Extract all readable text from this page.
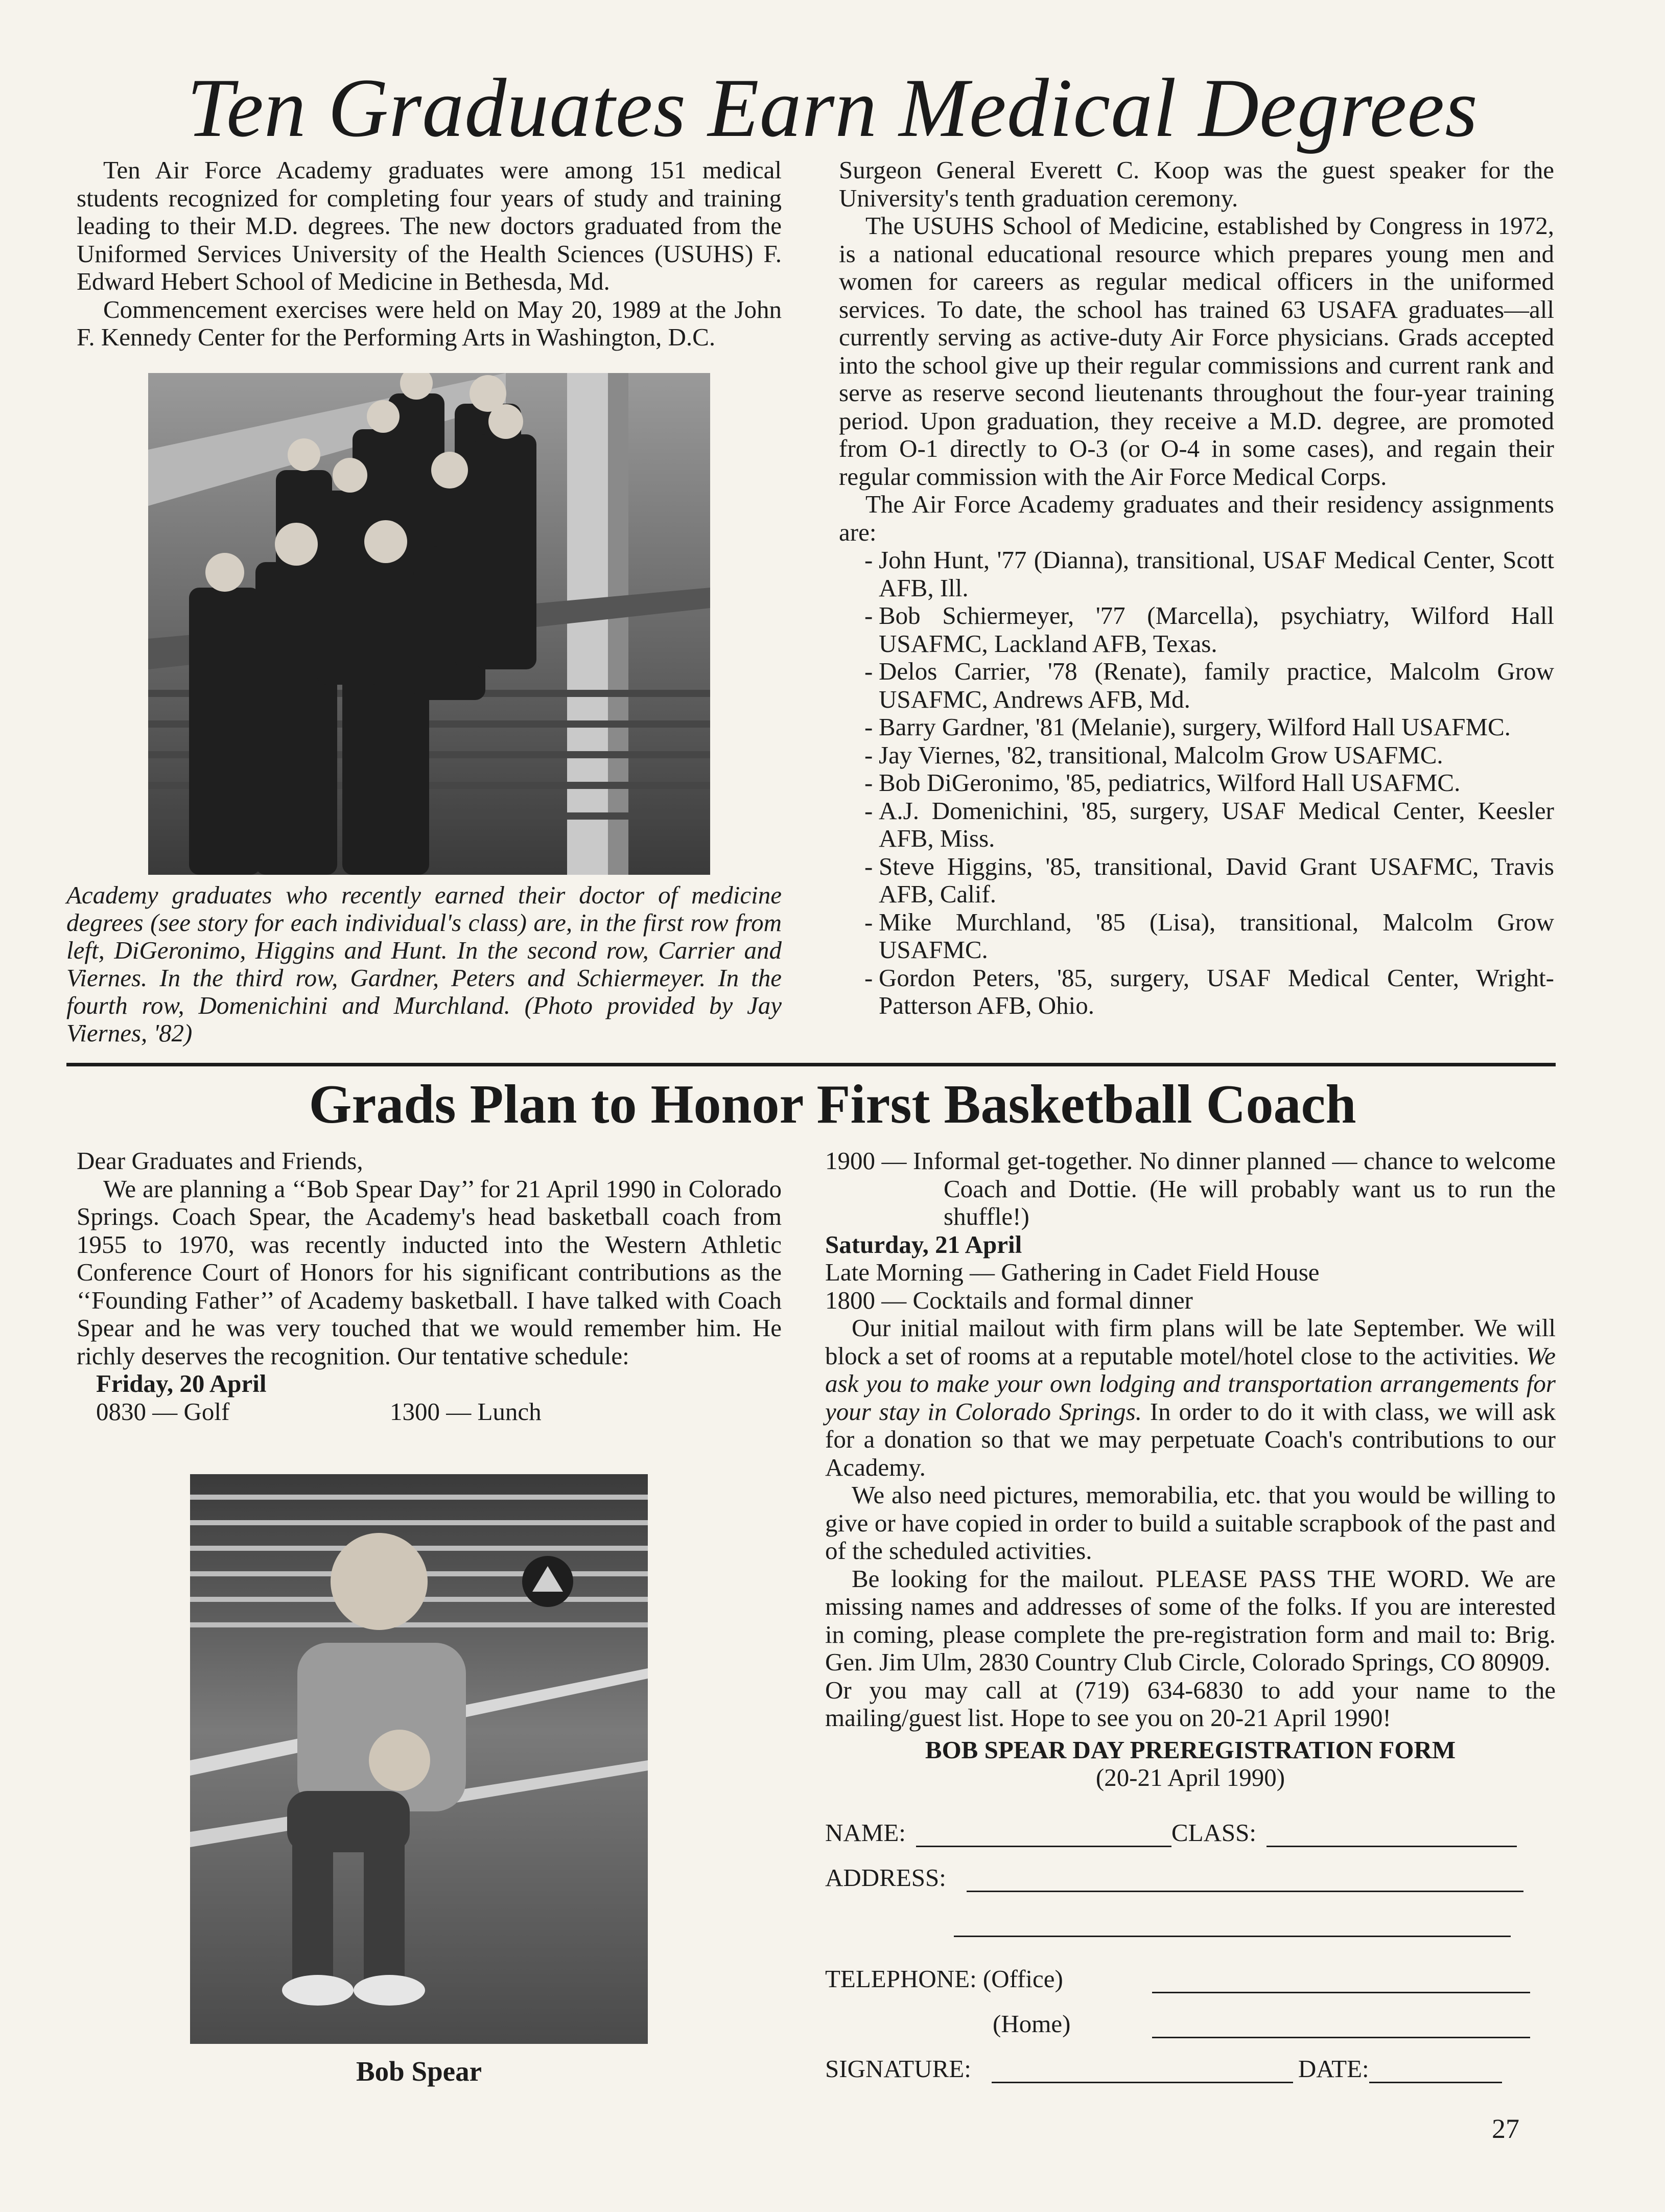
Ten Graduates Earn Medical Degrees

Ten Air Force Academy graduates were among 151 medical students recognized for completing four years of study and training leading to their M.D. degrees. The new doctors graduated from the Uniformed Services University of the Health Sciences (USUHS) F. Edward Hebert School of Medicine in Bethesda, Md.

Commencement exercises were held on May 20, 1989 at the John F. Kennedy Center for the Performing Arts in Washington, D.C.

Academy graduates who recently earned their doctor of medicine degrees (see story for each individual's class) are, in the first row from left, DiGeronimo, Higgins and Hunt. In the second row, Carrier and Viernes. In the third row, Gardner, Peters and Schiermeyer. In the fourth row, Domenichini and Murchland. (Photo provided by Jay Viernes, '82)

Surgeon General Everett C. Koop was the guest speaker for the University's tenth graduation ceremony.

The USUHS School of Medicine, established by Congress in 1972, is a national educational resource which prepares young men and women for careers as regular medical officers in the uniformed services. To date, the school has trained 63 USAFA graduates—all currently serving as active-duty Air Force physicians. Grads accepted into the school give up their regular commissions and current rank and serve as reserve second lieutenants throughout the four-year training period. Upon graduation, they receive a M.D. degree, are promoted from O-1 directly to O-3 (or O-4 in some cases), and regain their regular commission with the Air Force Medical Corps.

The Air Force Academy graduates and their residency assignments are:

- John Hunt, '77 (Dianna), transitional, USAF Medical Center, Scott AFB, Ill.
- Bob Schiermeyer, '77 (Marcella), psychiatry, Wilford Hall USAFMC, Lackland AFB, Texas.
- Delos Carrier, '78 (Renate), family practice, Malcolm Grow USAFMC, Andrews AFB, Md.
- Barry Gardner, '81 (Melanie), surgery, Wilford Hall USAFMC.
- Jay Viernes, '82, transitional, Malcolm Grow USAFMC.
- Bob DiGeronimo, '85, pediatrics, Wilford Hall USAFMC.
- A.J. Domenichini, '85, surgery, USAF Medical Center, Keesler AFB, Miss.
- Steve Higgins, '85, transitional, David Grant USAFMC, Travis AFB, Calif.
- Mike Murchland, '85 (Lisa), transitional, Malcolm Grow USAFMC.
- Gordon Peters, '85, surgery, USAF Medical Center, Wright-Patterson AFB, Ohio.
Grads Plan to Honor First Basketball Coach

Dear Graduates and Friends,

We are planning a ‘‘Bob Spear Day’’ for 21 April 1990 in Colorado Springs. Coach Spear, the Academy's head basketball coach from 1955 to 1970, was recently inducted into the Western Athletic Conference Court of Honors for his significant contributions as the ‘‘Founding Father’’ of Academy basketball. I have talked with Coach Spear and he was very touched that we would remember him. He richly deserves the recognition. Our tentative schedule:

Friday, 20 April

0830 — Golf	1300 — Lunch
Bob Spear

1900 — Informal get-together. No dinner planned — chance to welcome Coach and Dottie. (He will probably want us to run the shuffle!)

Saturday, 21 April

Late Morning — Gathering in Cadet Field House

1800 — Cocktails and formal dinner

Our initial mailout with firm plans will be late September. We will block a set of rooms at a reputable motel/hotel close to the activities. We ask you to make your own lodging and transportation arrangements for your stay in Colorado Springs. In order to do it with class, we will ask for a donation so that we may perpetuate Coach's contributions to our Academy.

We also need pictures, memorabilia, etc. that you would be willing to give or have copied in order to build a suitable scrapbook of the past and of the scheduled activities.

Be looking for the mailout. PLEASE PASS THE WORD. We are missing names and addresses of some of the folks. If you are interested in coming, please complete the pre-registration form and mail to: Brig. Gen. Jim Ulm, 2830 Country Club Circle, Colorado Springs, CO 80909.

Or you may call at (719) 634-6830 to add your name to the mailing/guest list. Hope to see you on 20-21 April 1990!

BOB SPEAR DAY PREREGISTRATION FORM
(20-21 April 1990)
NAME:	CLASS:
ADDRESS:
TELEPHONE: (Office)
(Home)
SIGNATURE:	DATE:
27
